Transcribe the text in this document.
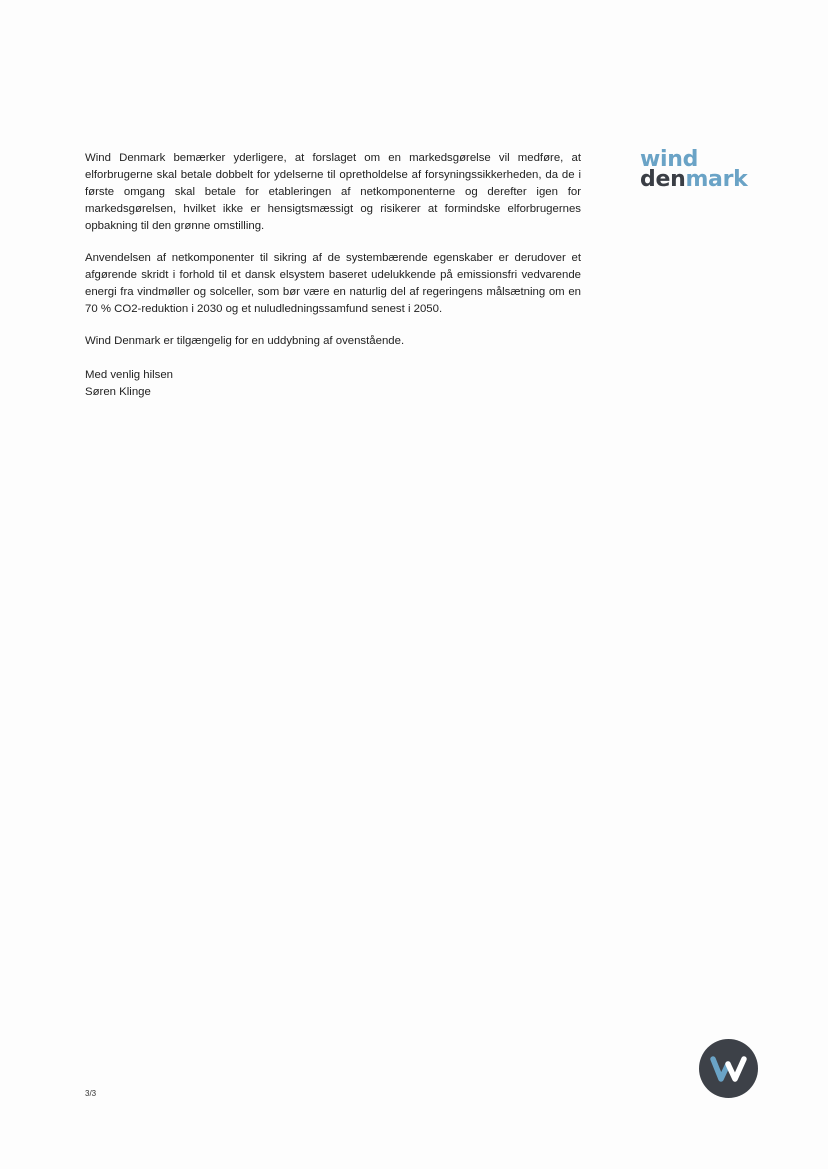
wind
denmark

Wind Denmark bemærker yderligere, at forslaget om en markedsgørelse vil medføre, at elforbrugerne skal betale dobbelt for ydelserne til opretholdelse af forsyningssikkerheden, da de i første omgang skal betale for etableringen af netkomponenterne og derefter igen for markedsgørelsen, hvilket ikke er hensigtsmæssigt og risikerer at formindske elforbrugernes opbakning til den grønne omstilling.

Anvendelsen af netkomponenter til sikring af de systembærende egenskaber er derudover et afgørende skridt i forhold til et dansk elsystem baseret udelukkende på emissionsfri vedvarende energi fra vindmøller og solceller, som bør være en naturlig del af regeringens målsætning om en 70 % CO2-reduktion i 2030 og et nuludledningssamfund senest i 2050.

Wind Denmark er tilgængelig for en uddybning af ovenstående.

Med venlig hilsen
Søren Klinge
3/3
